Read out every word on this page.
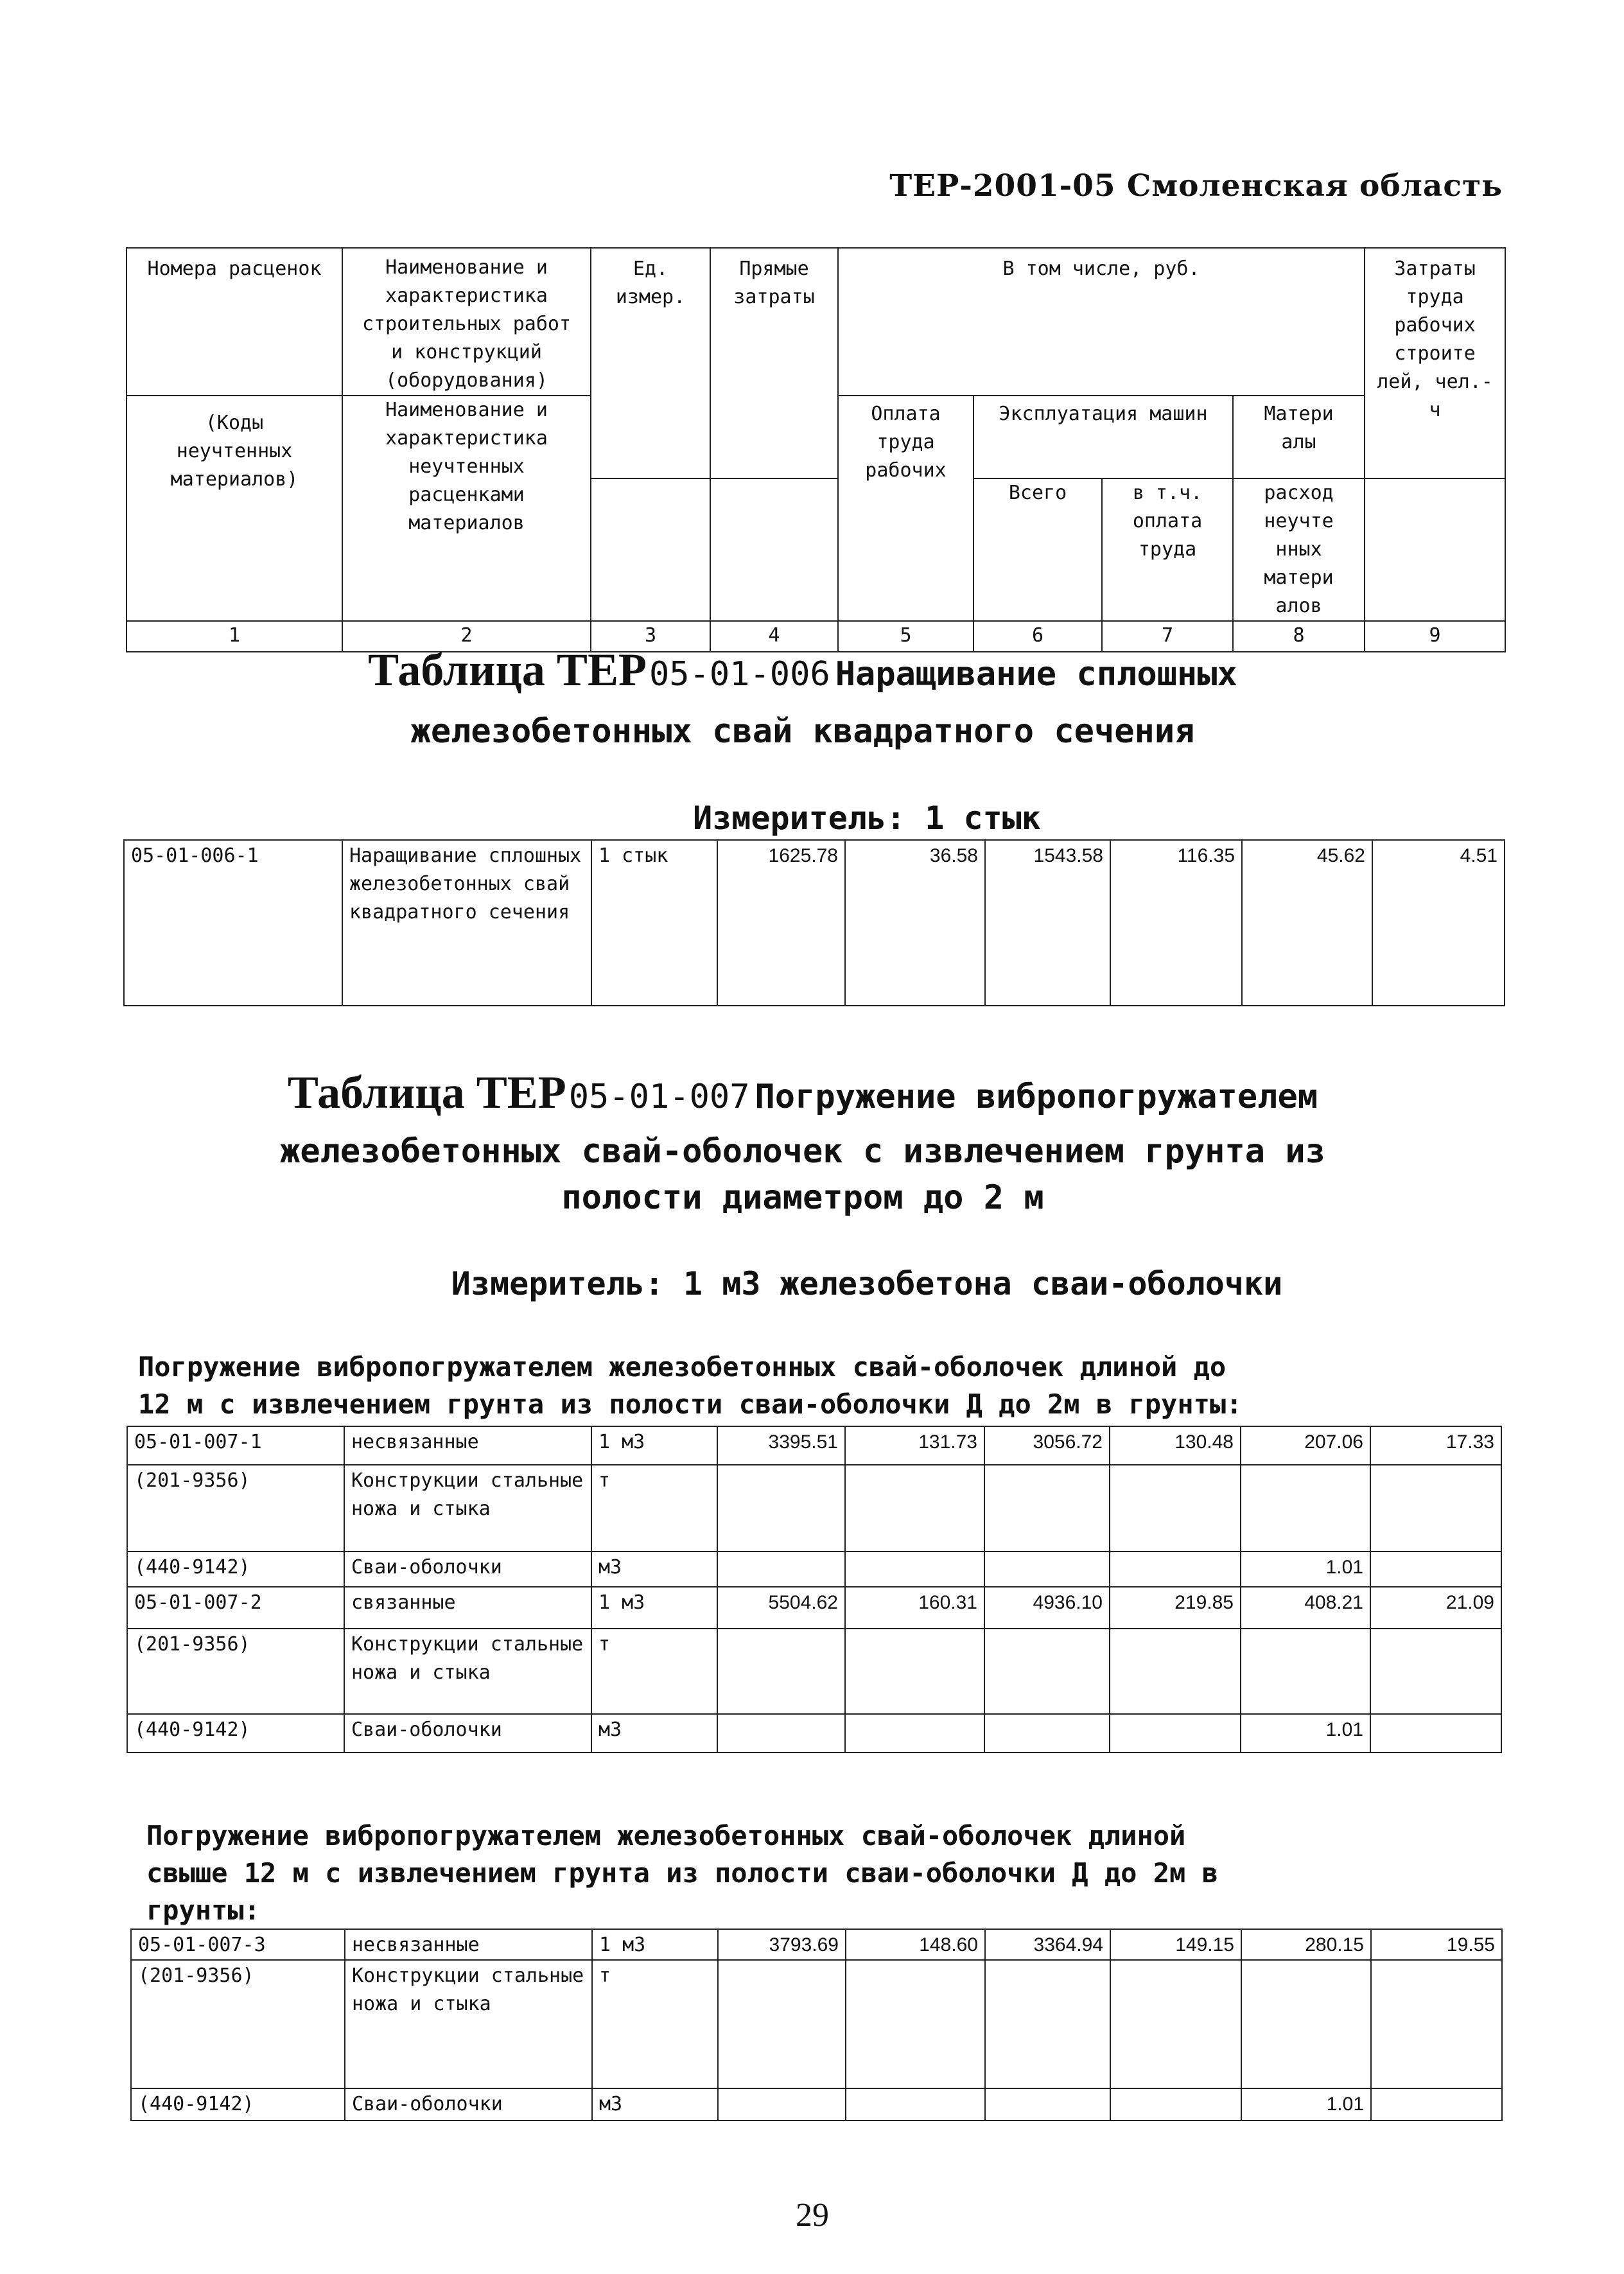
ТЕР-2001-05 Смоленская область
Номера расценок	Наименование и характеристика строительных работ и конструкций (оборудования)	Ед. измер.	Прямые затраты	В том числе, руб.				Затраты труда рабочих строите лей, чел.-ч

(Коды неучтенных материалов)	Наименование и характеристика неучтенных расценками материалов			Оплата труда рабочих	Эксплуатация машин		Матери алы	

					Всего	в т.ч. оплата труда	расход неучте нных матери алов	

1	2	3	4	5	6	7	8	9
Таблица ТЕР 05-01-006 Наращивание сплошных
железобетонных свай квадратного сечения
Измеритель: 1 стык
05-01-006-1	Наращивание сплошных железобетонных свай квадратного сечения	1 стык	1625.78	36.58	1543.58	116.35	45.62	4.51
Таблица ТЕР 05-01-007 Погружение вибропогружателем
железобетонных свай-оболочек с извлечением грунта из
полости диаметром до 2 м
Измеритель: 1 м3 железобетона сваи-оболочки
Погружение вибропогружателем железобетонных свай-оболочек длиной до
12 м с извлечением грунта из полости сваи-оболочки Д до 2м в грунты:
05-01-007-1	несвязанные	1 м3	3395.51	131.73	3056.72	130.48	207.06	17.33
(201-9356)	Конструкции стальные ножа и стыка	т						
(440-9142)	Сваи-оболочки	м3					1.01	
05-01-007-2	связанные	1 м3	5504.62	160.31	4936.10	219.85	408.21	21.09
(201-9356)	Конструкции стальные ножа и стыка	т						
(440-9142)	Сваи-оболочки	м3					1.01	
Погружение вибропогружателем железобетонных свай-оболочек длиной
свыше 12 м с извлечением грунта из полости сваи-оболочки Д до 2м в
грунты:
05-01-007-3	несвязанные	1 м3	3793.69	148.60	3364.94	149.15	280.15	19.55
(201-9356)	Конструкции стальные ножа и стыка	т						
(440-9142)	Сваи-оболочки	м3					1.01	
29
